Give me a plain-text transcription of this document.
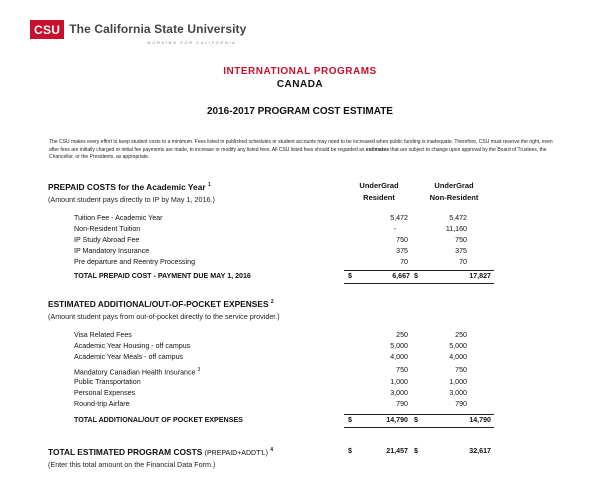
CSU The California State University
WORKING FOR CALIFORNIA
INTERNATIONAL PROGRAMS
CANADA
2016-2017 PROGRAM COST ESTIMATE
The CSU makes every effort to keep student costs to a minimum. Fees listed in published schedules or student accounts may need to be increased when public funding is inadequate. Therefore, CSU must reserve the right, even after fees are initially charged or initial fee payments are made, to increase or modify any listed fees. All CSU listed fees should be regarded as estimates that are subject to change upon approval by the Board of Trustees, the Chancellor, or the Presidents, as appropriate.
UnderGrad
Resident
UnderGrad
Non-Resident
PREPAID COSTS for the Academic Year $^1$
(Amount student pays directly to IP by May 1, 2016.)
Tuition Fee - Academic Year	5,472	5,472
Non-Resident Tuition	-	11,160
IP Study Abroad Fee	750	750
IP Mandatory Insurance	375	375
Pre departure and Reentry Processing	70	70
TOTAL PREPAID COST - PAYMENT DUE MAY 1, 2016	$	6,667 $	17,827
ESTIMATED ADDITIONAL/OUT-OF-POCKET EXPENSES $^2$
(Amount student pays from out-of-pocket directly to the service provider.)
Visa Related Fees	250	250
Academic Year Housing - off campus	5,000	5,000
Academic Year Meals - off campus	4,000	4,000
Mandatory Canadian Health Insurance $^3$	750	750
Public Transportation	1,000	1,000
Personal Expenses	3,000	3,000
Round-trip Airfare	790	790
TOTAL ADDITIONAL/OUT OF POCKET EXPENSES	$	14,790 $	14,790
TOTAL ESTIMATED PROGRAM COSTS (PREPAID+ADDT'L) $^4$
(Enter this total amount on the Financial Data Form.)
$	21,457 $	32,617
